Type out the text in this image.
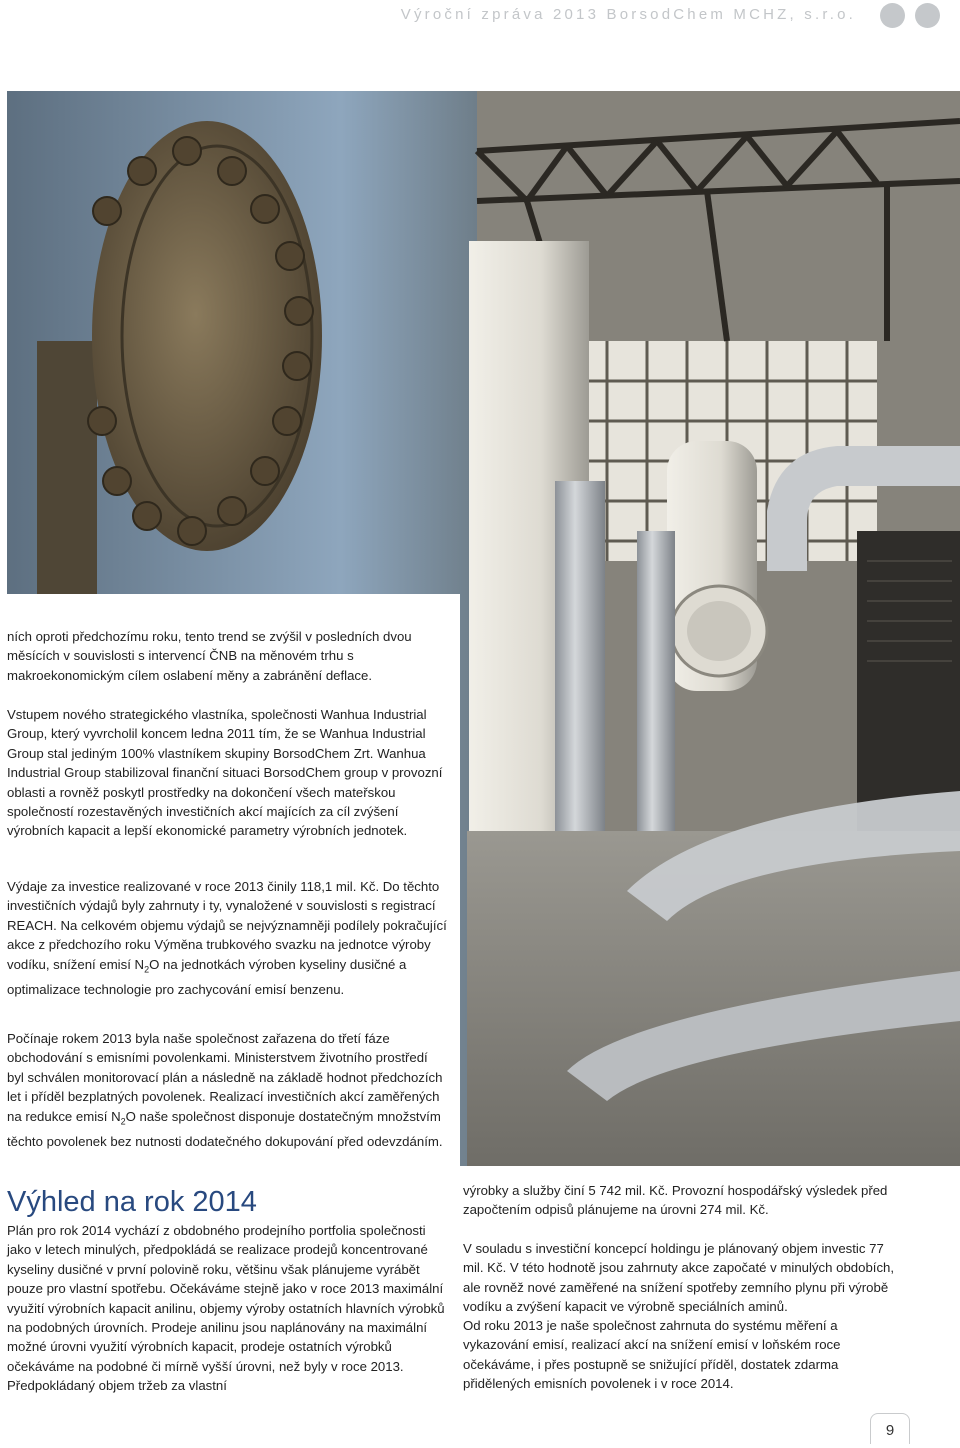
Výroční zpráva 2013 BorsodChem MCHZ, s.r.o.

ních oproti předchozímu roku, tento trend se zvýšil v posledních dvou měsících v souvislosti s intervencí ČNB na měnovém trhu s makroekonomickým cílem oslabení měny a zabránění deflace.

Vstupem nového strategického vlastníka, společnosti Wanhua Industrial Group, který vyvrcholil koncem ledna 2011 tím, že se Wanhua Industrial Group stal jediným 100% vlastníkem skupiny BorsodChem Zrt. Wanhua Industrial Group stabilizoval finanční situaci BorsodChem group v provozní oblasti a rovněž poskytl prostředky na dokončení všech mateřskou společností rozestavěných investičních akcí majících za cíl zvýšení výrobních kapacit a lepší ekonomické parametry výrobních jednotek.

Výdaje za investice realizované v roce 2013 činily 118,1 mil. Kč. Do těchto investičních výdajů byly zahrnuty i ty, vynaložené v souvislosti s registrací REACH. Na celkovém objemu výdajů se nejvýznamněji podílely pokračující akce z předchozího roku Výměna trubkového svazku na jednotce výroby vodíku, snížení emisí $N_2O$ na jednotkách výroben kyseliny dusičné a optimalizace technologie pro zachycování emisí benzenu.

Počínaje rokem 2013 byla naše společnost zařazena do třetí fáze obchodování s emisními povolenkami. Ministerstvem životního prostředí byl schválen monitorovací plán a následně na základě hodnot předchozích let i příděl bezplatných povolenek. Realizací investičních akcí zaměřených na redukce emisí $N_2O$ naše společnost disponuje dostatečným množstvím těchto povolenek bez nutnosti dodatečného dokupování před odevzdáním.

Výhled na rok 2014

Plán pro rok 2014 vychází z obdobného prodejního portfolia společnosti jako v letech minulých, předpokládá se realizace prodejů koncentrované kyseliny dusičné v první polovině roku, většinu však plánujeme vyrábět pouze pro vlastní spotřebu. Očekáváme stejně jako v roce 2013 maximální využití výrobních kapacit anilinu, objemy výroby ostatních hlavních výrobků na podobných úrovních. Prodeje anilinu jsou naplánovány na maximální možné úrovni využití výrobních kapacit, prodeje ostatních výrobků očekáváme na podobné či mírně vyšší úrovni, než byly v roce 2013. Předpokládaný objem tržeb za vlastní

výrobky a služby činí 5 742 mil. Kč. Provozní hospodářský výsledek před započtením odpisů plánujeme na úrovni 274 mil. Kč.

V souladu s investiční koncepcí holdingu je plánovaný objem investic 77 mil. Kč. V této hodnotě jsou zahrnuty akce započaté v minulých obdobích, ale rovněž nové zaměřené na snížení spotřeby zemního plynu při výrobě vodíku a zvýšení kapacit ve výrobně speciálních aminů.

Od roku 2013 je naše společnost zahrnuta do systému měření a vykazování emisí, realizací akcí na snížení emisí v loňském roce očekáváme, i přes postupně se snižující příděl, dostatek zdarma přidělených emisních povolenek i v roce 2014.

9
